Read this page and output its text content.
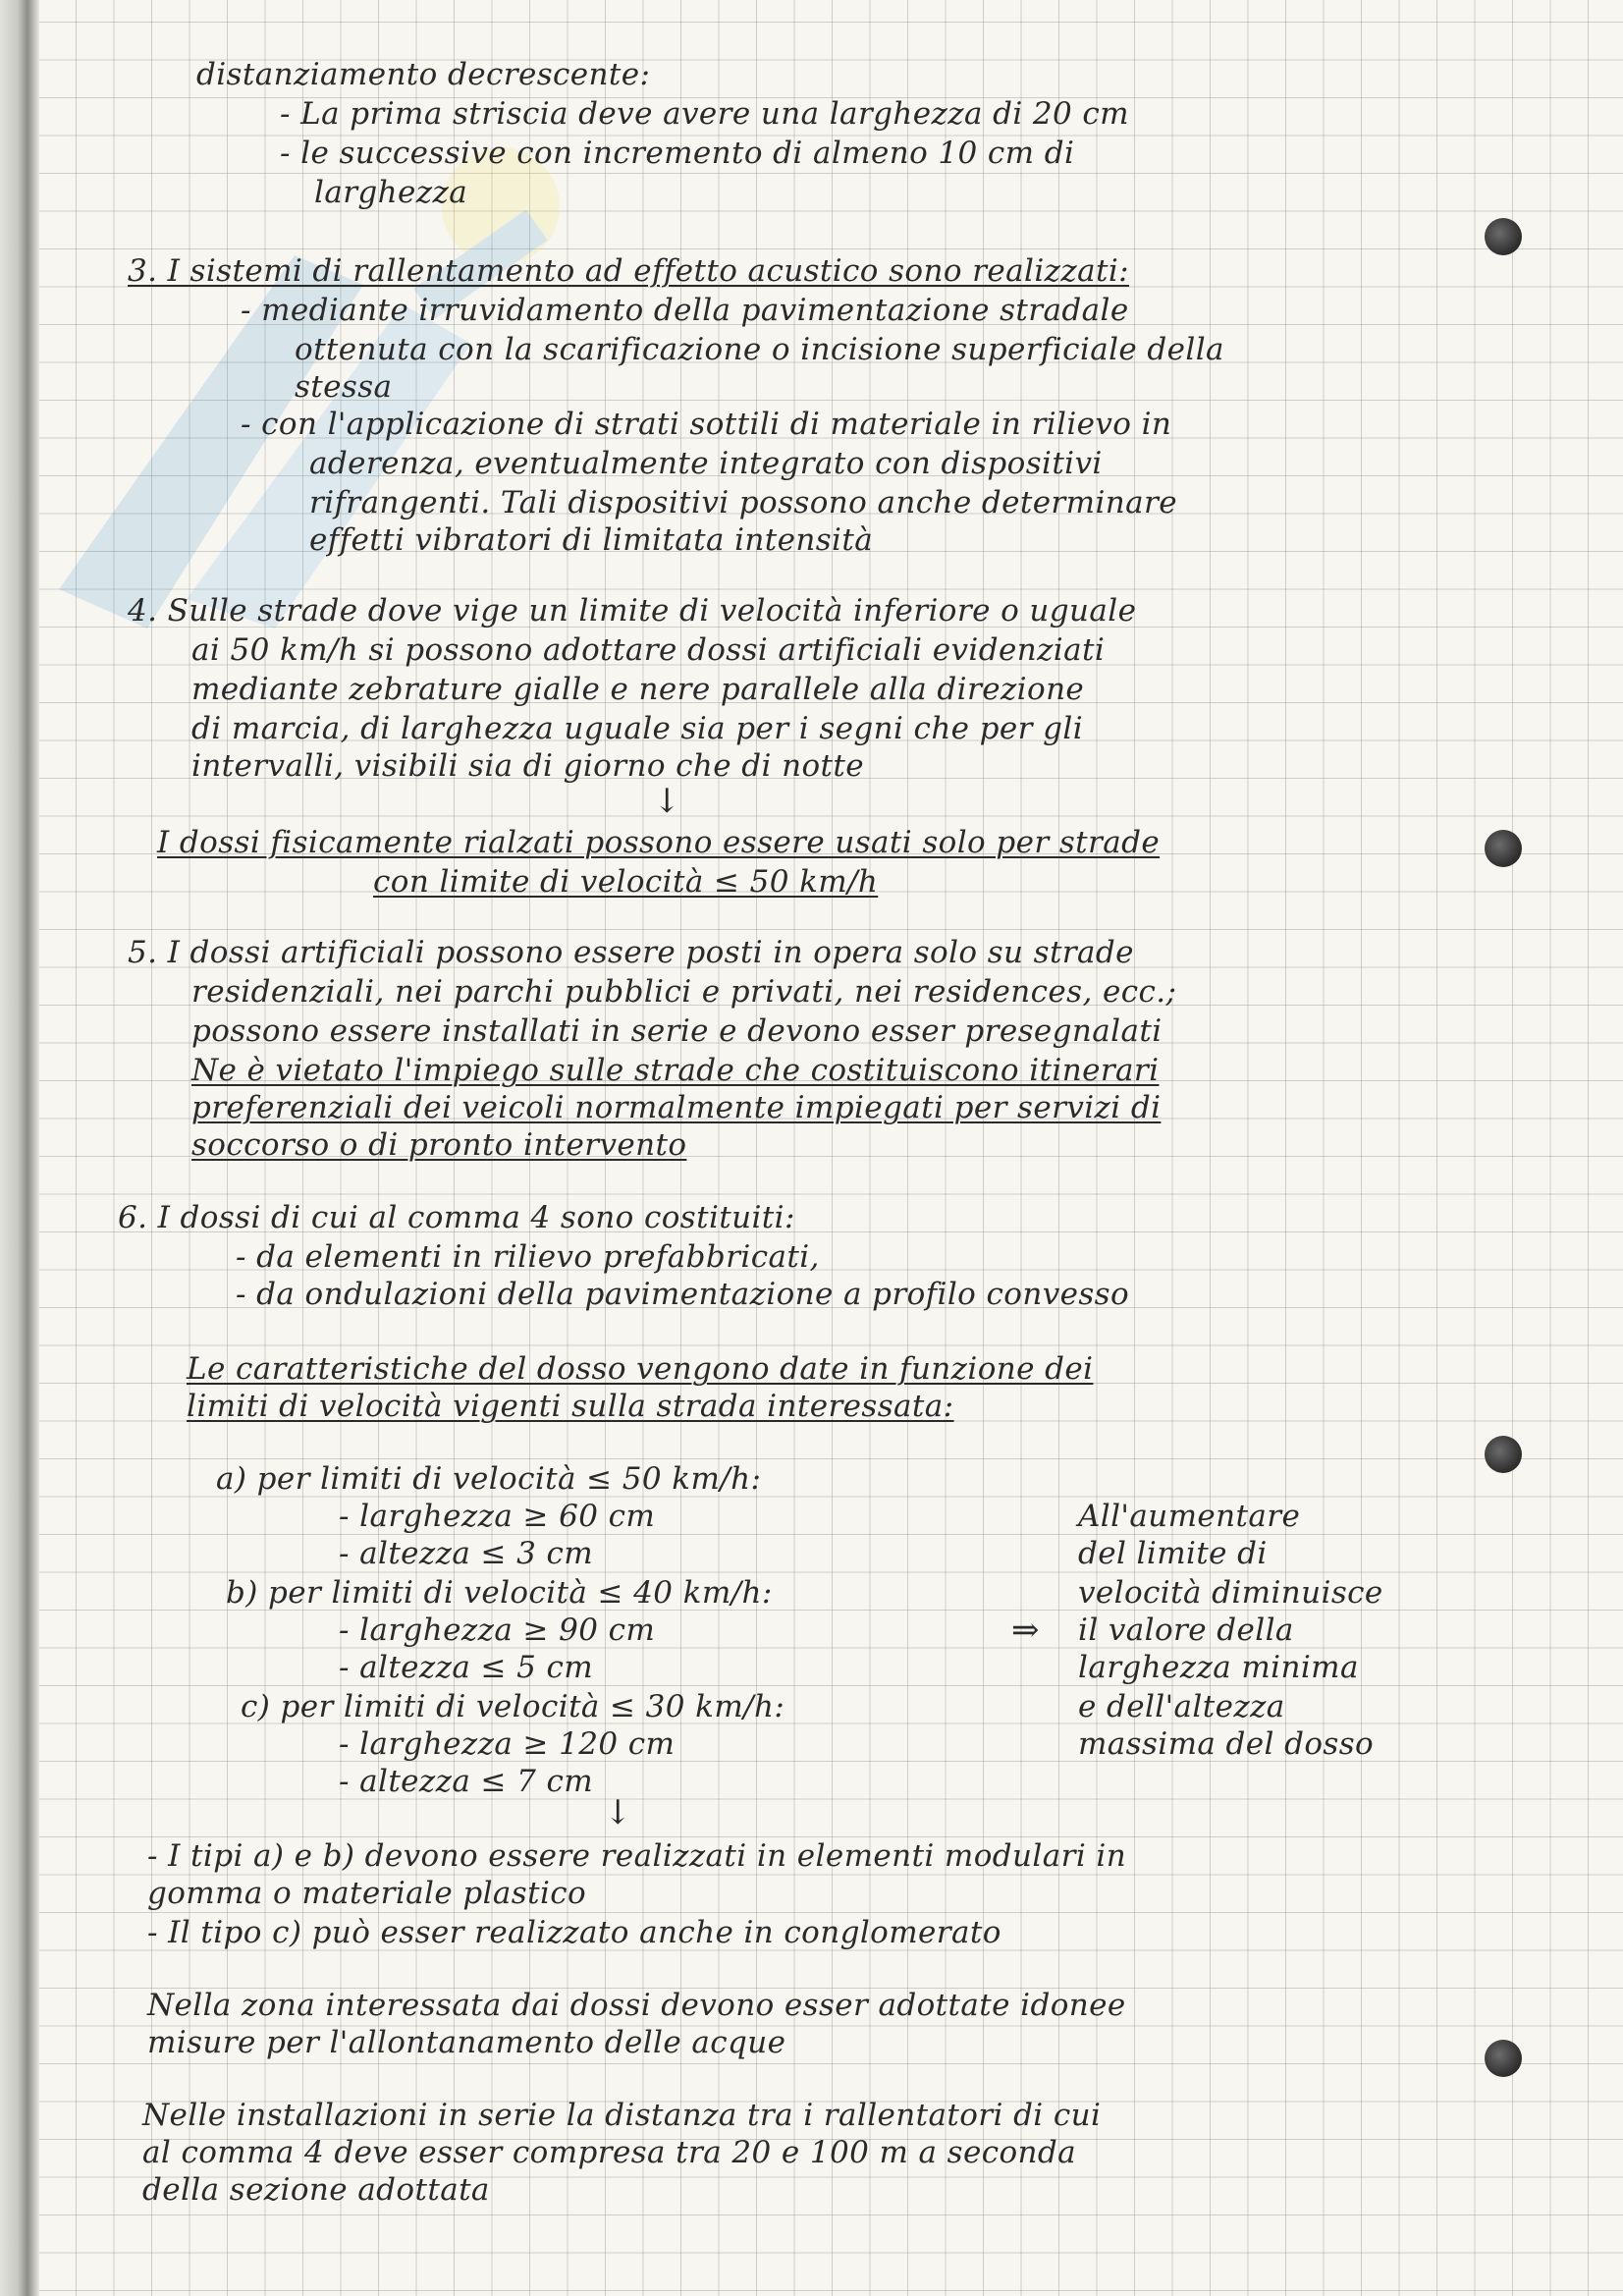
distanziamento decrescente:
- La prima striscia deve avere una larghezza di 20 cm
- le successive con incremento di almeno 10 cm di
larghezza
3. I sistemi di rallentamento ad effetto acustico sono realizzati:
- mediante irruvidamento della pavimentazione stradale
ottenuta con la scarificazione o incisione superficiale della
stessa
- con l'applicazione di strati sottili di materiale in rilievo in
aderenza, eventualmente integrato con dispositivi
rifrangenti. Tali dispositivi possono anche determinare
effetti vibratori di limitata intensità
4. Sulle strade dove vige un limite di velocità inferiore o uguale
ai 50 km/h si possono adottare dossi artificiali evidenziati
mediante zebrature gialle e nere parallele alla direzione
di marcia, di larghezza uguale sia per i segni che per gli
intervalli, visibili sia di giorno che di notte
↓
I dossi fisicamente rialzati possono essere usati solo per strade
con limite di velocità ≤ 50 km/h
5. I dossi artificiali possono essere posti in opera solo su strade
residenziali, nei parchi pubblici e privati, nei residences, ecc.;
possono essere installati in serie e devono esser presegnalati
Ne è vietato l'impiego sulle strade che costituiscono itinerari
preferenziali dei veicoli normalmente impiegati per servizi di
soccorso o di pronto intervento
6. I dossi di cui al comma 4 sono costituiti:
- da elementi in rilievo prefabbricati,
- da ondulazioni della pavimentazione a profilo convesso
Le caratteristiche del dosso vengono date in funzione dei
limiti di velocità vigenti sulla strada interessata:
a) per limiti di velocità ≤ 50 km/h:
- larghezza ≥ 60 cm
- altezza ≤ 3 cm
b) per limiti di velocità ≤ 40 km/h:
- larghezza ≥ 90 cm
- altezza ≤ 5 cm
c) per limiti di velocità ≤ 30 km/h:
- larghezza ≥ 120 cm
- altezza ≤ 7 cm
↓
⇒
All'aumentare
del limite di
velocità diminuisce
il valore della
larghezza minima
e dell'altezza
massima del dosso
- I tipi a) e b) devono essere realizzati in elementi modulari in
gomma o materiale plastico
- Il tipo c) può esser realizzato anche in conglomerato
Nella zona interessata dai dossi devono esser adottate idonee
misure per l'allontanamento delle acque
Nelle installazioni in serie la distanza tra i rallentatori di cui
al comma 4 deve esser compresa tra 20 e 100 m a seconda
della sezione adottata
